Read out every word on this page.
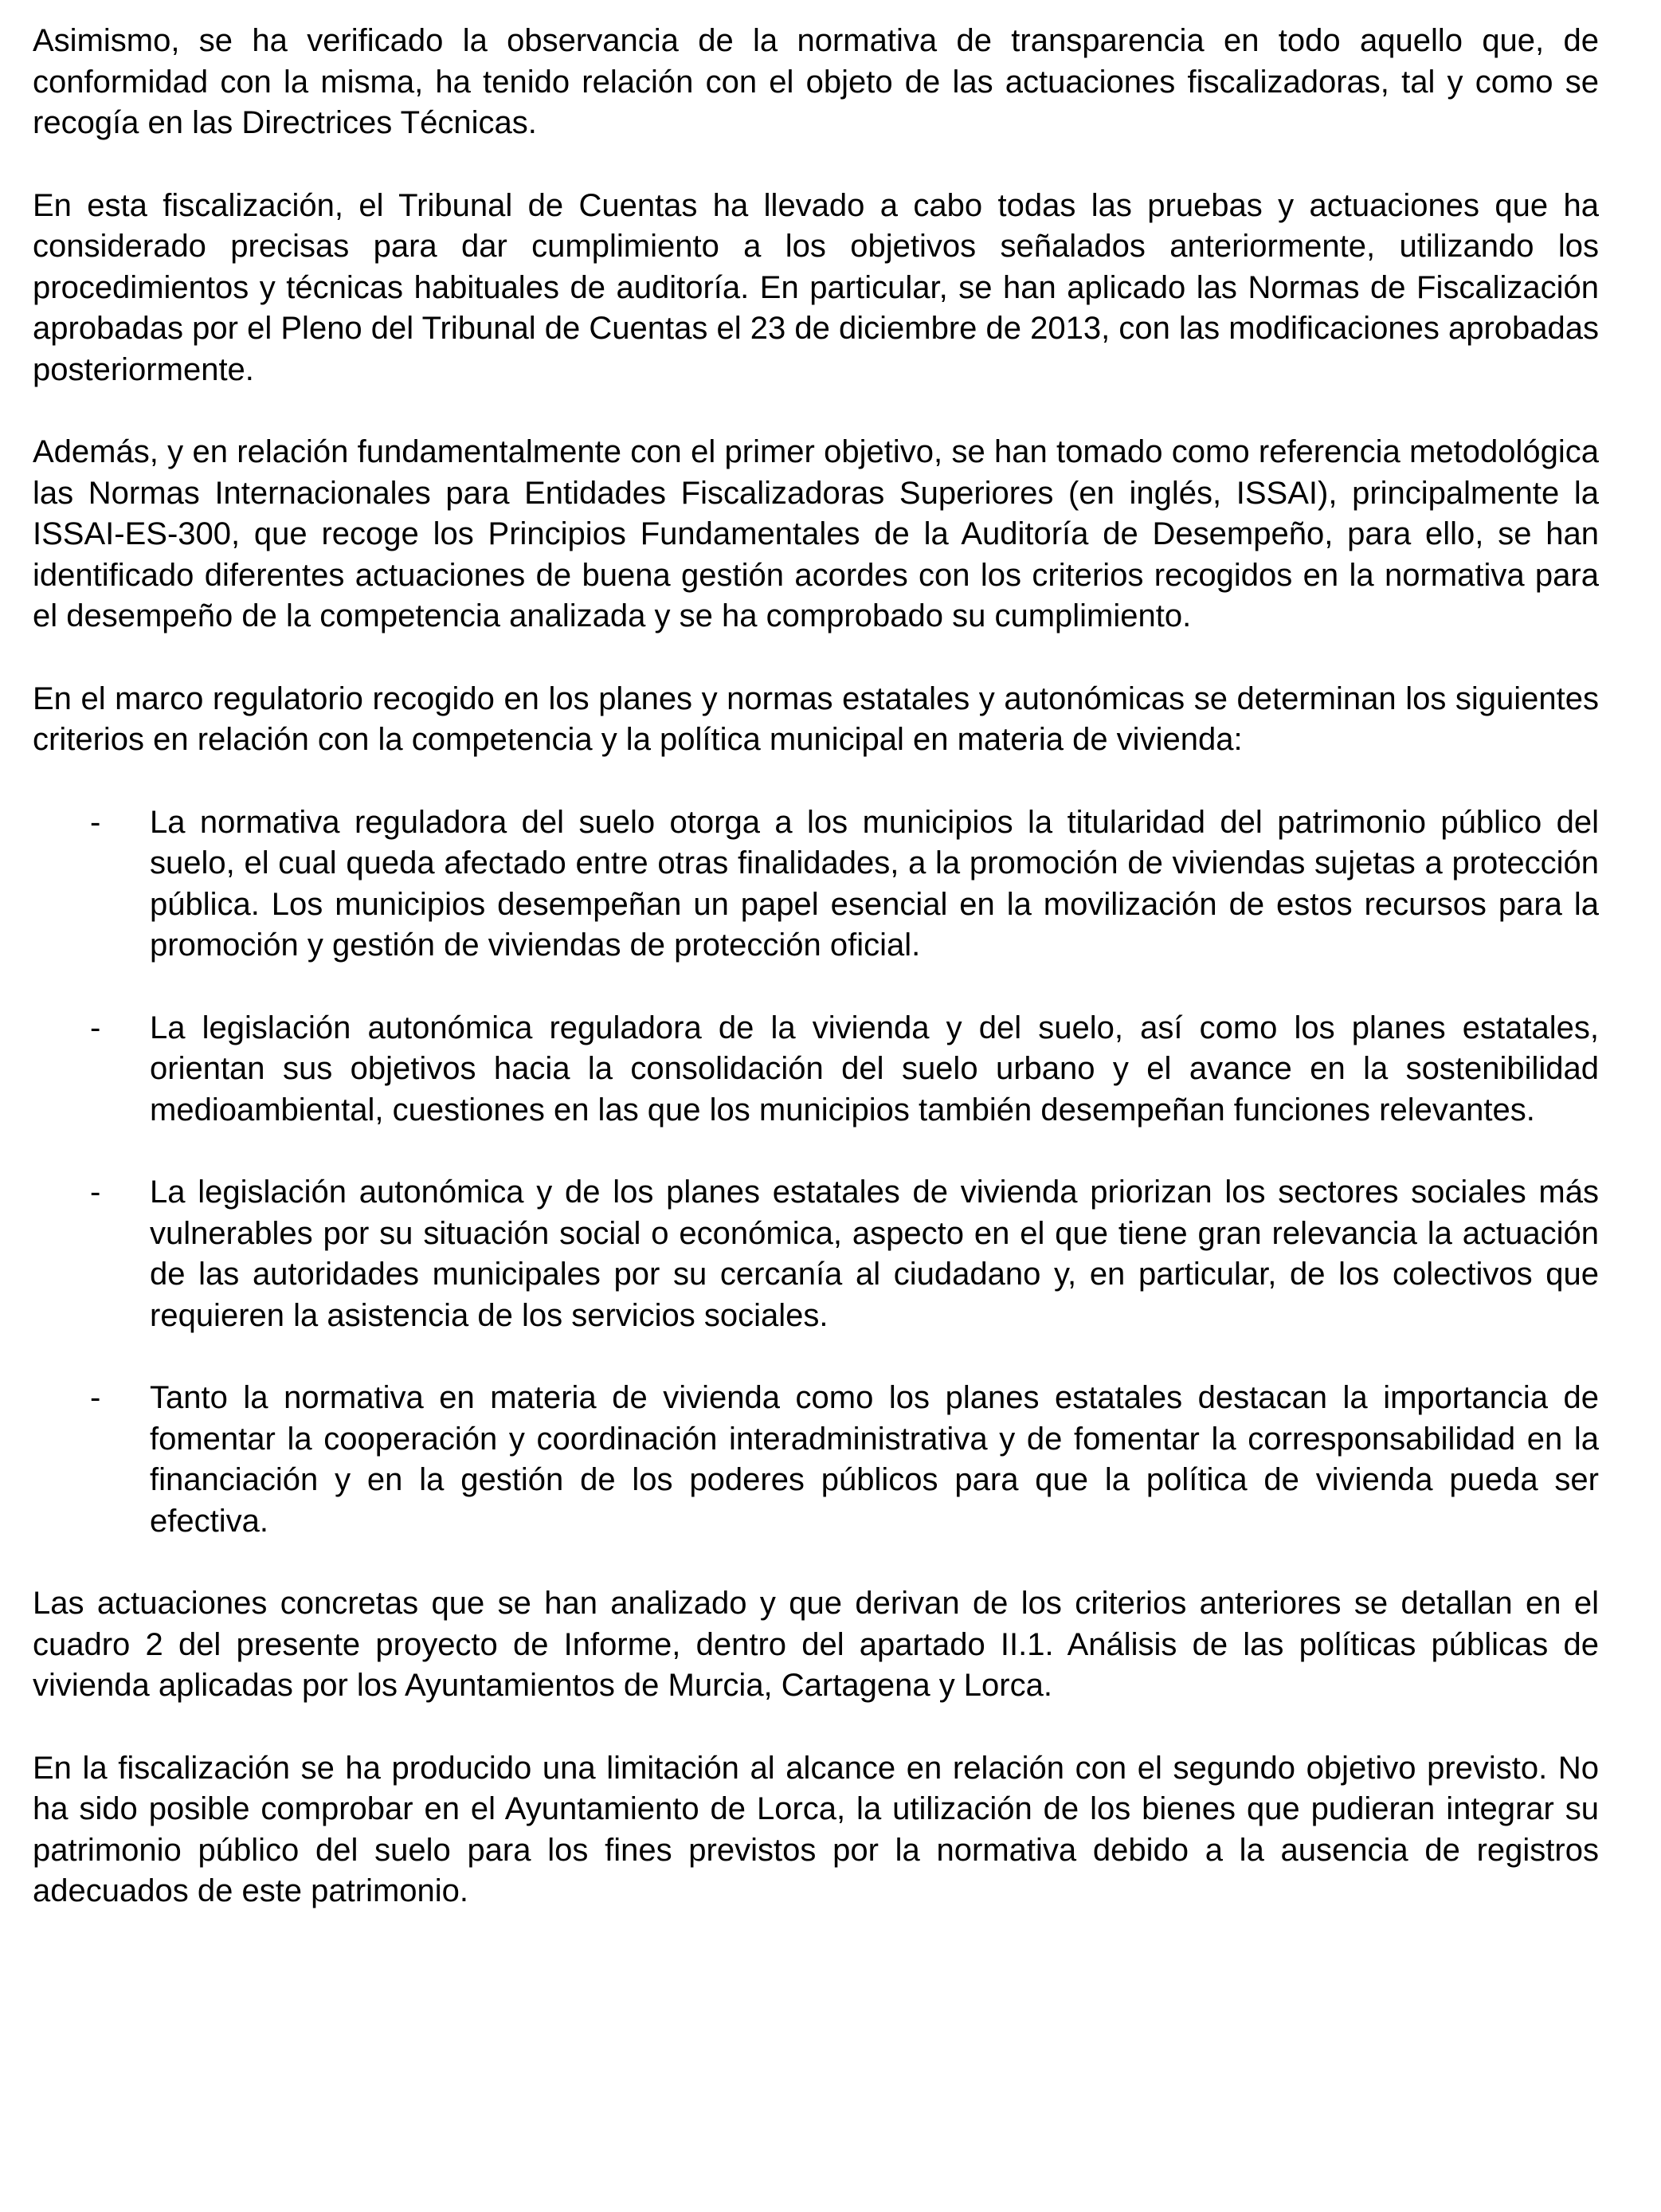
Asimismo, se ha verificado la observancia de la normativa de transparencia en todo aquello que, de conformidad con la misma, ha tenido relación con el objeto de las actuaciones fiscalizadoras, tal y como se recogía en las Directrices Técnicas.

En esta fiscalización, el Tribunal de Cuentas ha llevado a cabo todas las pruebas y actuaciones que ha considerado precisas para dar cumplimiento a los objetivos señalados anteriormente, utilizando los procedimientos y técnicas habituales de auditoría. En particular, se han aplicado las Normas de Fiscalización aprobadas por el Pleno del Tribunal de Cuentas el 23 de diciembre de 2013, con las modificaciones aprobadas posteriormente.

Además, y en relación fundamentalmente con el primer objetivo, se han tomado como referencia metodológica las Normas Internacionales para Entidades Fiscalizadoras Superiores (en inglés, ISSAI), principalmente la ISSAI-ES-300, que recoge los Principios Fundamentales de la Auditoría de Desempeño, para ello, se han identificado diferentes actuaciones de buena gestión acordes con los criterios recogidos en la normativa para el desempeño de la competencia analizada y se ha comprobado su cumplimiento.

En el marco regulatorio recogido en los planes y normas estatales y autonómicas se determinan los siguientes criterios en relación con la competencia y la política municipal en materia de vivienda:

- La normativa reguladora del suelo otorga a los municipios la titularidad del patrimonio público del suelo, el cual queda afectado entre otras finalidades, a la promoción de viviendas sujetas a protección pública. Los municipios desempeñan un papel esencial en la movilización de estos recursos para la promoción y gestión de viviendas de protección oficial.
- La legislación autonómica reguladora de la vivienda y del suelo, así como los planes estatales, orientan sus objetivos hacia la consolidación del suelo urbano y el avance en la sostenibilidad medioambiental, cuestiones en las que los municipios también desempeñan funciones relevantes.
- La legislación autonómica y de los planes estatales de vivienda priorizan los sectores sociales más vulnerables por su situación social o económica, aspecto en el que tiene gran relevancia la actuación de las autoridades municipales por su cercanía al ciudadano y, en particular, de los colectivos que requieren la asistencia de los servicios sociales.
- Tanto la normativa en materia de vivienda como los planes estatales destacan la importancia de fomentar la cooperación y coordinación interadministrativa y de fomentar la corresponsabilidad en la financiación y en la gestión de los poderes públicos para que la política de vivienda pueda ser efectiva.

Las actuaciones concretas que se han analizado y que derivan de los criterios anteriores se detallan en el cuadro 2 del presente proyecto de Informe, dentro del apartado II.1. Análisis de las políticas públicas de vivienda aplicadas por los Ayuntamientos de Murcia, Cartagena y Lorca.

En la fiscalización se ha producido una limitación al alcance en relación con el segundo objetivo previsto. No ha sido posible comprobar en el Ayuntamiento de Lorca, la utilización de los bienes que pudieran integrar su patrimonio público del suelo para los fines previstos por la normativa debido a la ausencia de registros adecuados de este patrimonio.
